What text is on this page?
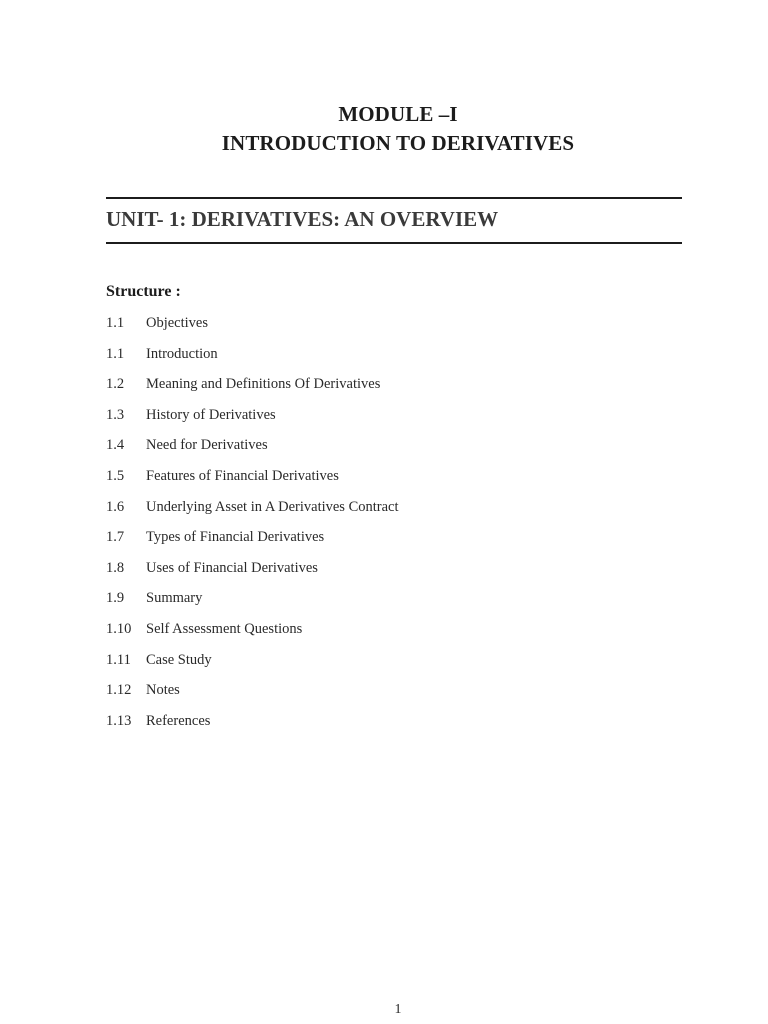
MODULE –I
INTRODUCTION TO DERIVATIVES
UNIT- 1: DERIVATIVES: AN OVERVIEW
Structure :
1.1	Objectives
1.1	Introduction
1.2	Meaning and Definitions Of Derivatives
1.3	History of Derivatives
1.4	Need for Derivatives
1.5	Features of Financial Derivatives
1.6	Underlying Asset in A Derivatives Contract
1.7	Types of Financial Derivatives
1.8	Uses of Financial Derivatives
1.9	Summary
1.10	Self Assessment Questions
1.11	Case Study
1.12	Notes
1.13	References
1
